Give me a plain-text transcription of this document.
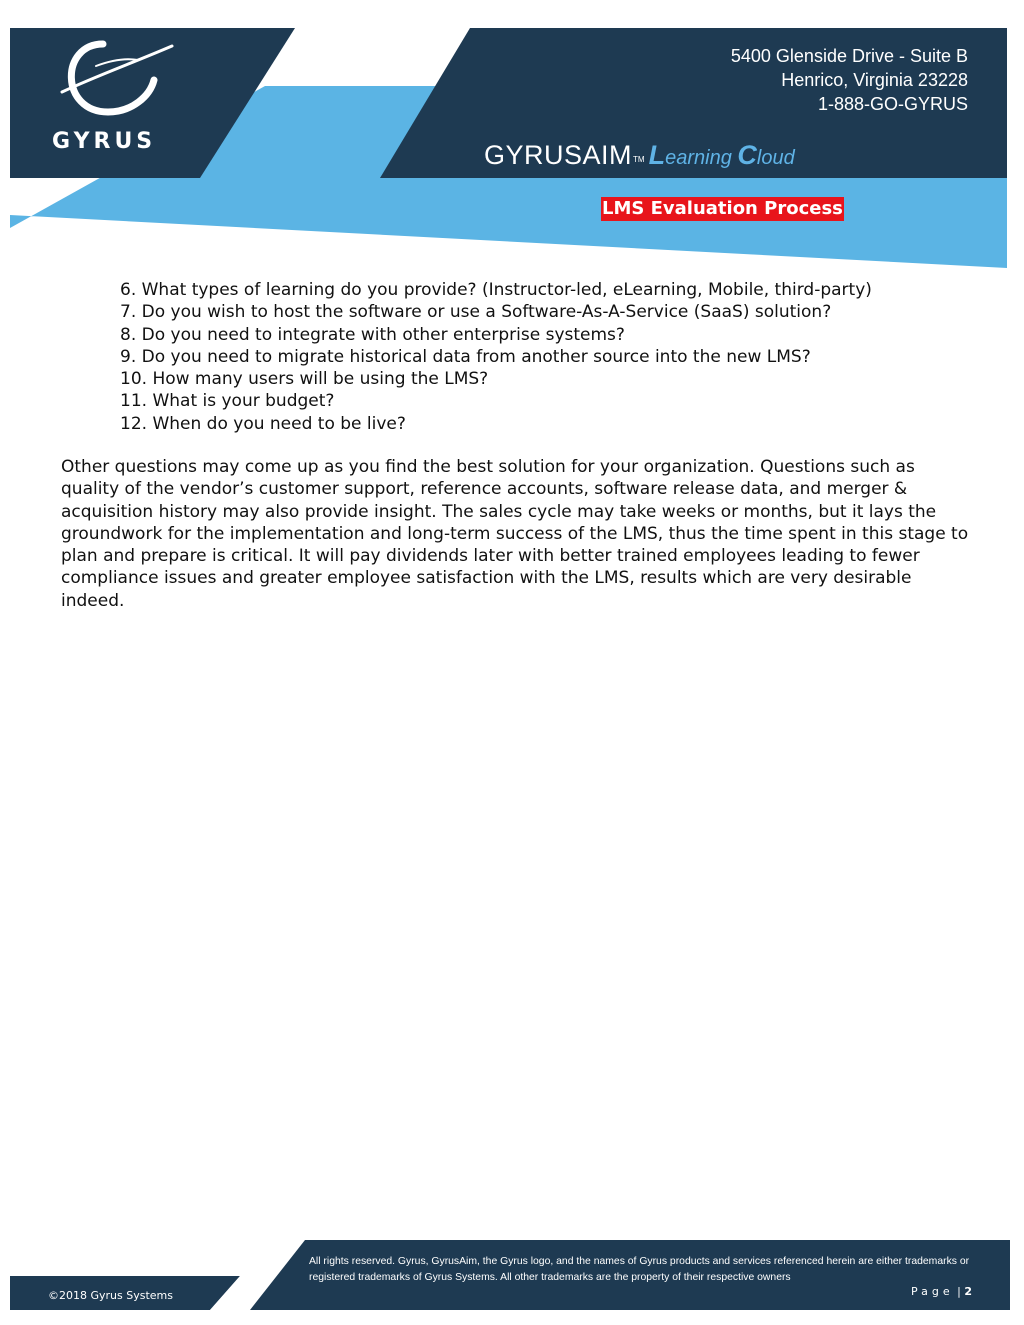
GYRUS
5400 Glenside Drive - Suite B
Henrico, Virginia 23228
1-888-GO-GYRUS
GYRUSAIMTM Learning Cloud
LMS Evaluation Process
6. What types of learning do you provide? (Instructor-led, eLearning, Mobile, third-party)
7. Do you wish to host the software or use a Software-As-A-Service (SaaS) solution?
8. Do you need to integrate with other enterprise systems?
9. Do you need to migrate historical data from another source into the new LMS?
10. How many users will be using the LMS?
11. What is your budget?
12. When do you need to be live?

Other questions may come up as you find the best solution for your organization. Questions such as quality of the vendor’s customer support, reference accounts, software release data, and merger & acquisition history may also provide insight. The sales cycle may take weeks or months, but it lays the groundwork for the implementation and long-term success of the LMS, thus the time spent in this stage to plan and prepare is critical. It will pay dividends later with better trained employees leading to fewer compliance issues and greater employee satisfaction with the LMS, results which are very desirable indeed.

©2018 Gyrus Systems
All rights reserved. Gyrus, GyrusAim, the Gyrus logo, and the names of Gyrus products and services referenced herein are either trademarks or registered trademarks of Gyrus Systems. All other trademarks are the property of their respective owners
Page | 2
